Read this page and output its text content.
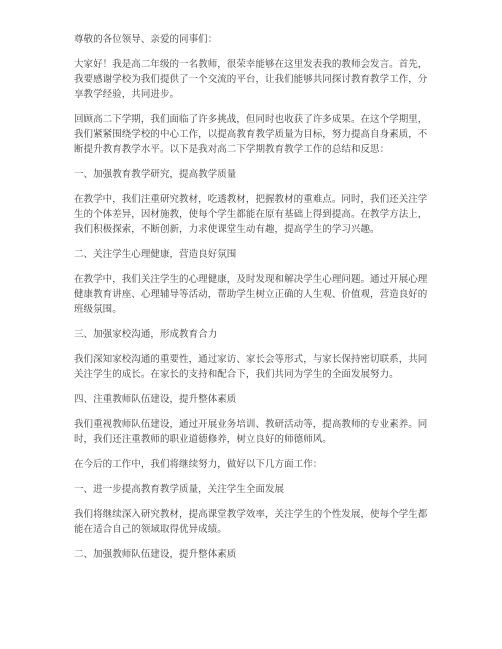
尊敬的各位领导、亲爱的同事们：

大家好！我是高二年级的一名教师，很荣幸能够在这里发表我的教师会发言。首先，我要感谢学校为我们提供了一个交流的平台，让我们能够共同探讨教育教学工作，分享教学经验，共同进步。

回顾高二下学期，我们面临了许多挑战，但同时也收获了许多成果。在这个学期里，我们紧紧围绕学校的中心工作，以提高教育教学质量为目标，努力提高自身素质，不断提升教育教学水平。以下是我对高二下学期教育教学工作的总结和反思：

一、加强教育教学研究，提高教学质量

在教学中，我们注重研究教材，吃透教材，把握教材的重难点。同时，我们还关注学生的个体差异，因材施教，使每个学生都能在原有基础上得到提高。在教学方法上，我们积极探索，不断创新，力求使课堂生动有趣，提高学生的学习兴趣。

二、关注学生心理健康，营造良好氛围

在教学中，我们关注学生的心理健康，及时发现和解决学生心理问题。通过开展心理健康教育讲座、心理辅导等活动，帮助学生树立正确的人生观、价值观，营造良好的班级氛围。

三、加强家校沟通，形成教育合力

我们深知家校沟通的重要性，通过家访、家长会等形式，与家长保持密切联系，共同关注学生的成长。在家长的支持和配合下，我们共同为学生的全面发展努力。

四、注重教师队伍建设，提升整体素质

我们重视教师队伍建设，通过开展业务培训、教研活动等，提高教师的专业素养。同时，我们还注重教师的职业道德修养，树立良好的师德师风。

在今后的工作中，我们将继续努力，做好以下几方面工作：

一、进一步提高教育教学质量，关注学生全面发展

我们将继续深入研究教材，提高课堂教学效率，关注学生的个性发展，使每个学生都能在适合自己的领域取得优异成绩。

二、加强教师队伍建设，提升整体素质
